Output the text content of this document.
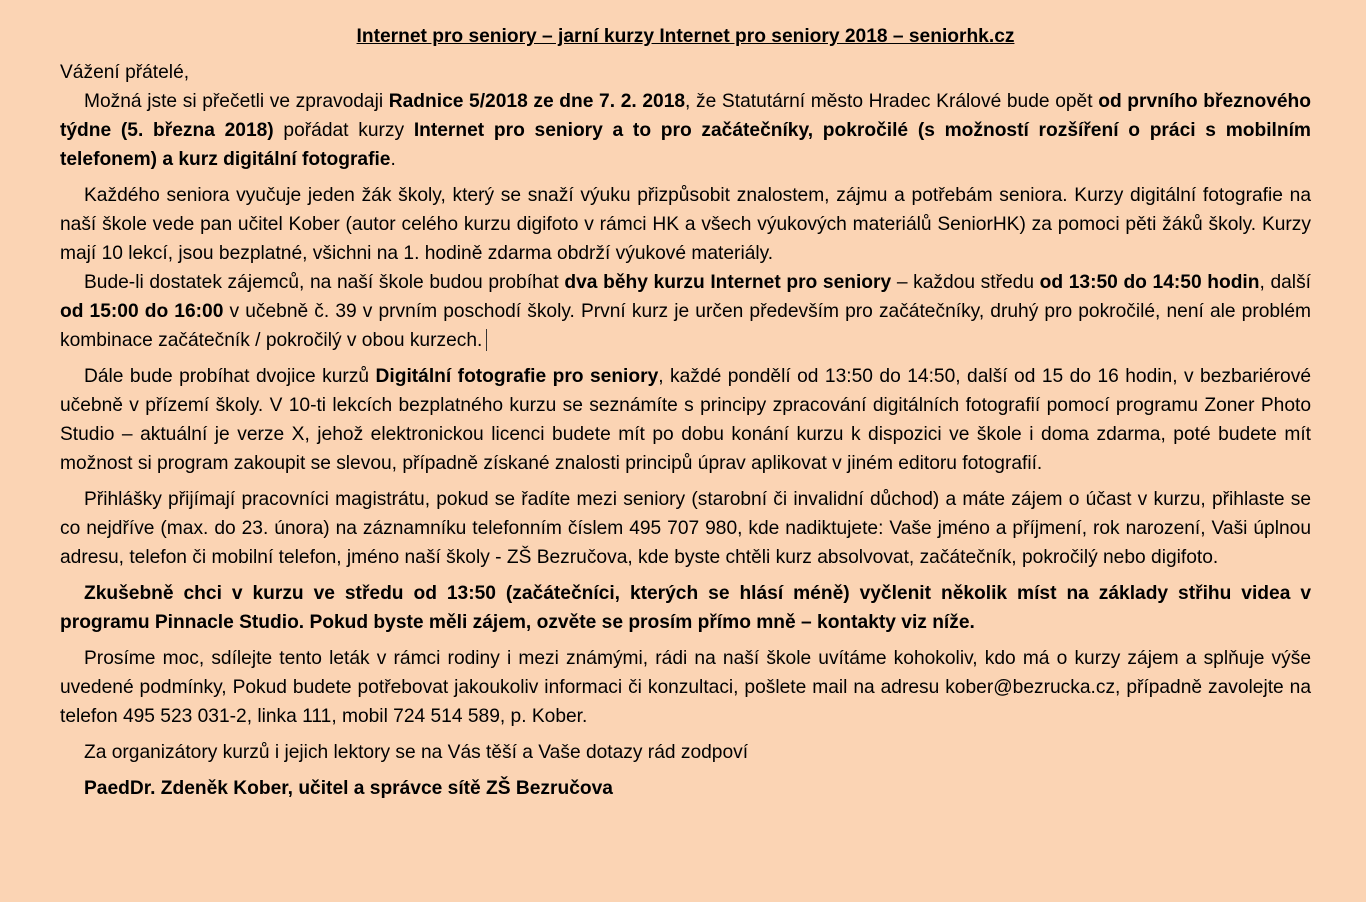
Internet pro seniory – jarní kurzy Internet pro seniory 2018 – seniorhk.cz

Vážení přátelé,

Možná jste si přečetli ve zpravodaji Radnice 5/2018 ze dne 7. 2. 2018, že Statutární město Hradec Králové bude opět od prvního březnového týdne (5. března 2018) pořádat kurzy Internet pro seniory a to pro začátečníky, pokročilé (s možností rozšíření o práci s mobilním telefonem) a kurz digitální fotografie.

Každého seniora vyučuje jeden žák školy, který se snaží výuku přizpůsobit znalostem, zájmu a potřebám seniora. Kurzy digitální fotografie na naší škole vede pan učitel Kober (autor celého kurzu digifoto v rámci HK a všech výukových materiálů SeniorHK) za pomoci pěti žáků školy. Kurzy mají 10 lekcí, jsou bezplatné, všichni na 1. hodině zdarma obdrží výukové materiály.

Bude-li dostatek zájemců, na naší škole budou probíhat dva běhy kurzu Internet pro seniory – každou středu od 13:50 do 14:50 hodin, další od 15:00 do 16:00 v učebně č. 39 v prvním poschodí školy. První kurz je určen především pro začátečníky, druhý pro pokročilé, není ale problém kombinace začátečník / pokročilý v obou kurzech.

Dále bude probíhat dvojice kurzů Digitální fotografie pro seniory, každé pondělí od 13:50 do 14:50, další od 15 do 16 hodin, v bezbariérové učebně v přízemí školy. V 10-ti lekcích bezplatného kurzu se seznámíte s principy zpracování digitálních fotografií pomocí programu Zoner Photo Studio – aktuální je verze X, jehož elektronickou licenci budete mít po dobu konání kurzu k dispozici ve škole i doma zdarma, poté budete mít možnost si program zakoupit se slevou, případně získané znalosti principů úprav aplikovat v jiném editoru fotografií.

Přihlášky přijímají pracovníci magistrátu, pokud se řadíte mezi seniory (starobní či invalidní důchod) a máte zájem o účast v kurzu, přihlaste se co nejdříve (max. do 23. února) na záznamníku telefonním číslem 495 707 980, kde nadiktujete: Vaše jméno a příjmení, rok narození, Vaši úplnou adresu, telefon či mobilní telefon, jméno naší školy - ZŠ Bezručova, kde byste chtěli kurz absolvovat, začátečník, pokročilý nebo digifoto.

Zkušebně chci v kurzu ve středu od 13:50 (začátečníci, kterých se hlásí méně) vyčlenit několik míst na základy střihu videa v programu Pinnacle Studio. Pokud byste měli zájem, ozvěte se prosím přímo mně – kontakty viz níže.

Prosíme moc, sdílejte tento leták v rámci rodiny i mezi známými, rádi na naší škole uvítáme kohokoliv, kdo má o kurzy zájem a splňuje výše uvedené podmínky, Pokud budete potřebovat jakoukoliv informaci či konzultaci, pošlete mail na adresu kober@bezrucka.cz, případně zavolejte na telefon 495 523 031-2, linka 111, mobil 724 514 589, p. Kober.

Za organizátory kurzů i jejich lektory se na Vás těší a Vaše dotazy rád zodpoví

PaedDr. Zdeněk Kober, učitel a správce sítě ZŠ Bezručova
